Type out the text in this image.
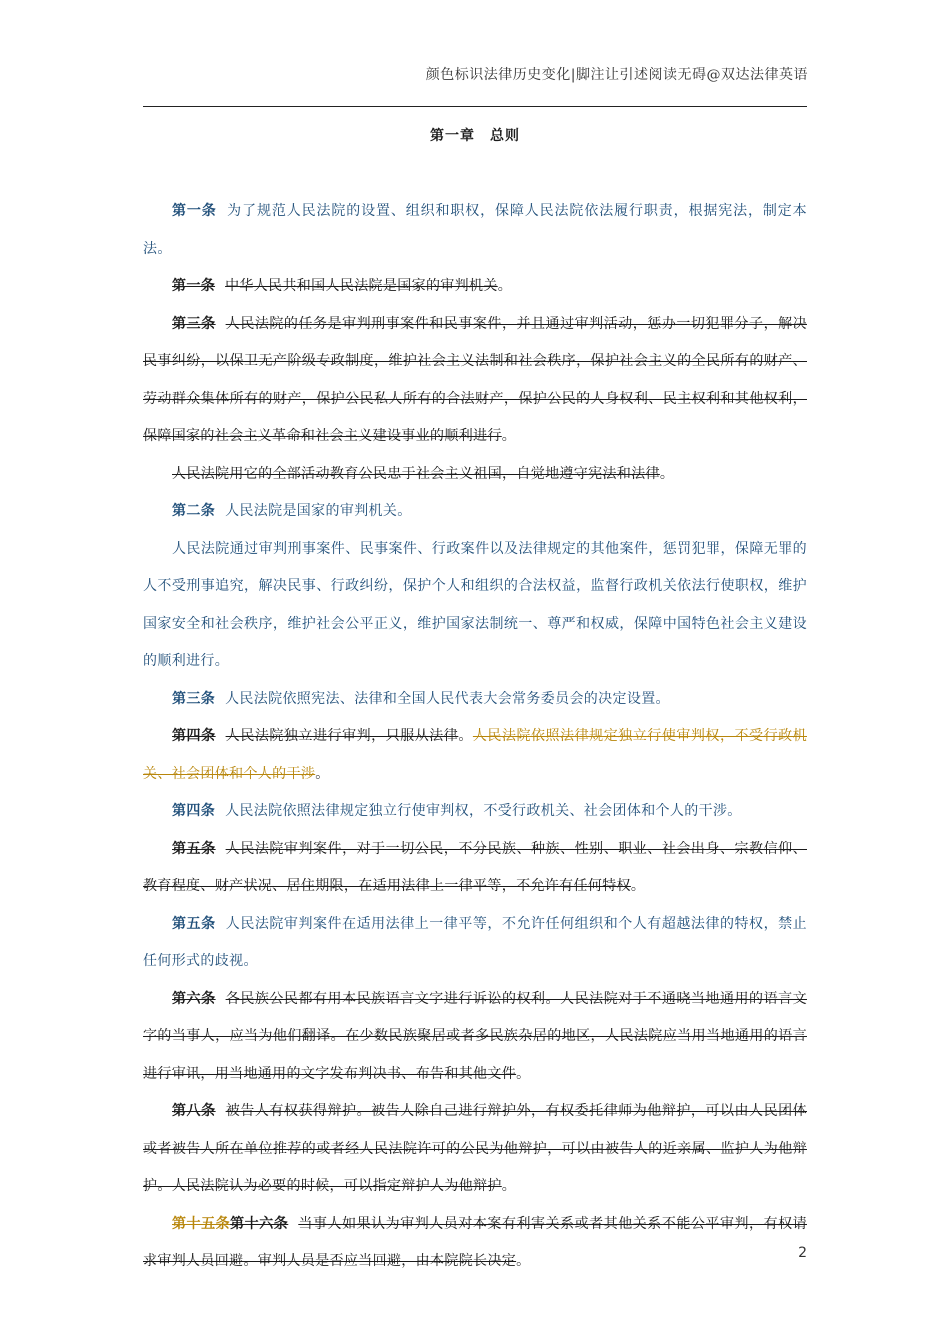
颜色标识法律历史变化|脚注让引述阅读无碍@双达法律英语
第一章　总则

第一条 为了规范人民法院的设置、组织和职权，保障人民法院依法履行职责，根据宪法，制定本法。

第一条 中华人民共和国人民法院是国家的审判机关。

第三条 人民法院的任务是审判刑事案件和民事案件，并且通过审判活动，惩办一切犯罪分子，解决民事纠纷，以保卫无产阶级专政制度，维护社会主义法制和社会秩序，保护社会主义的全民所有的财产、劳动群众集体所有的财产，保护公民私人所有的合法财产，保护公民的人身权利、民主权利和其他权利，保障国家的社会主义革命和社会主义建设事业的顺利进行。

人民法院用它的全部活动教育公民忠于社会主义祖国，自觉地遵守宪法和法律。

第二条 人民法院是国家的审判机关。

人民法院通过审判刑事案件、民事案件、行政案件以及法律规定的其他案件，惩罚犯罪，保障无罪的人不受刑事追究，解决民事、行政纠纷，保护个人和组织的合法权益，监督行政机关依法行使职权，维护国家安全和社会秩序，维护社会公平正义，维护国家法制统一、尊严和权威，保障中国特色社会主义建设的顺利进行。

第三条 人民法院依照宪法、法律和全国人民代表大会常务委员会的决定设置。

第四条 人民法院独立进行审判，只服从法律。人民法院依照法律规定独立行使审判权，不受行政机关、社会团体和个人的干涉。

第四条 人民法院依照法律规定独立行使审判权，不受行政机关、社会团体和个人的干涉。

第五条 人民法院审判案件，对于一切公民，不分民族、种族、性别、职业、社会出身、宗教信仰、教育程度、财产状况、居住期限，在适用法律上一律平等，不允许有任何特权。

第五条 人民法院审判案件在适用法律上一律平等，不允许任何组织和个人有超越法律的特权，禁止任何形式的歧视。

第六条 各民族公民都有用本民族语言文字进行诉讼的权利。人民法院对于不通晓当地通用的语言文字的当事人，应当为他们翻译。在少数民族聚居或者多民族杂居的地区，人民法院应当用当地通用的语言进行审讯，用当地通用的文字发布判决书、布告和其他文件。

第八条 被告人有权获得辩护。被告人除自己进行辩护外，有权委托律师为他辩护，可以由人民团体或者被告人所在单位推荐的或者经人民法院许可的公民为他辩护，可以由被告人的近亲属、监护人为他辩护。人民法院认为必要的时候，可以指定辩护人为他辩护。

第十五条第十六条 当事人如果认为审判人员对本案有利害关系或者其他关系不能公平审判，有权请求审判人员回避。审判人员是否应当回避，由本院院长决定。	2
